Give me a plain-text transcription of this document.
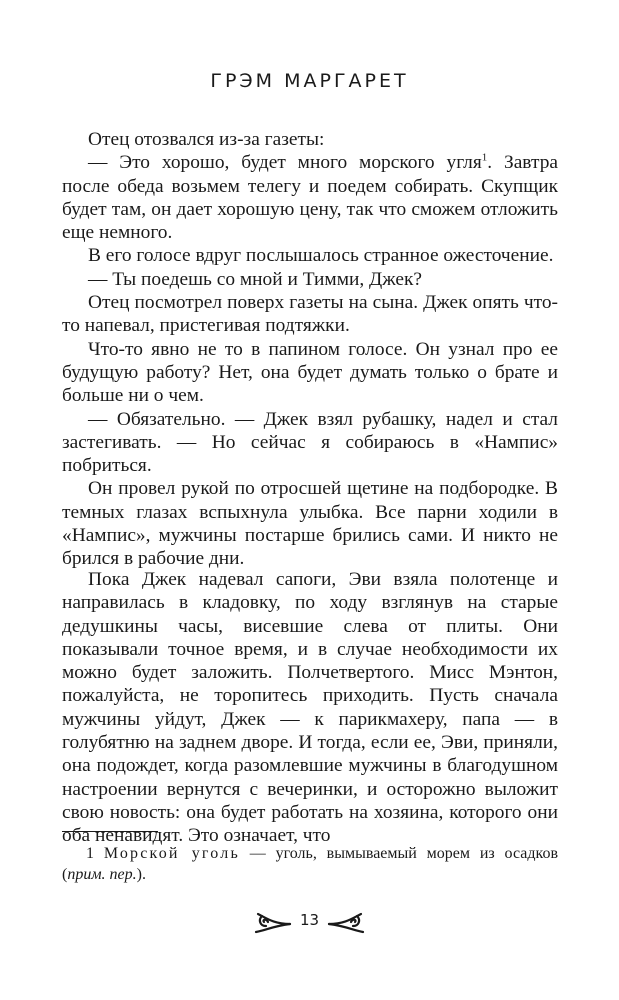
ГРЭМ МАРГАРЕТ

Отец отозвался из-за газеты:

— Это хорошо, будет много морского угля$^1$. Завтра после обеда возьмем телегу и поедем собирать. Скупщик будет там, он дает хорошую цену, так что сможем отложить еще немного.

В его голосе вдруг послышалось странное ожесточение.

— Ты поедешь со мной и Тимми, Джек?

Отец посмотрел поверх газеты на сына. Джек опять что-то напевал, пристегивая подтяжки.

Что-то явно не то в папином голосе. Он узнал про ее будущую работу? Нет, она будет думать только о брате и больше ни о чем.

— Обязательно. — Джек взял рубашку, надел и стал застегивать. — Но сейчас я собираюсь в «Нампис» побриться.

Он провел рукой по отросшей щетине на подбородке. В темных глазах вспыхнула улыбка. Все парни ходили в «Нампис», мужчины постарше брились сами. И никто не брился в рабочие дни.

Пока Джек надевал сапоги, Эви взяла полотенце и направилась в кладовку, по ходу взглянув на старые дедушкины часы, висевшие слева от плиты. Они показывали точное время, и в случае необходимости их можно будет заложить. Полчетвертого. Мисс Мэнтон, пожалуйста, не торопитесь приходить. Пусть сначала мужчины уйдут, Джек — к парикмахеру, папа — в голубятню на заднем дворе. И тогда, если ее, Эви, приняли, она подождет, когда разомлевшие мужчины в благодушном настроении вернутся с вечеринки, и осторожно выложит свою новость: она будет работать на хозяина, которого они оба ненавидят. Это означает, что

1 Морской уголь — уголь, вымываемый морем из осадков (прим. пер.).

13
